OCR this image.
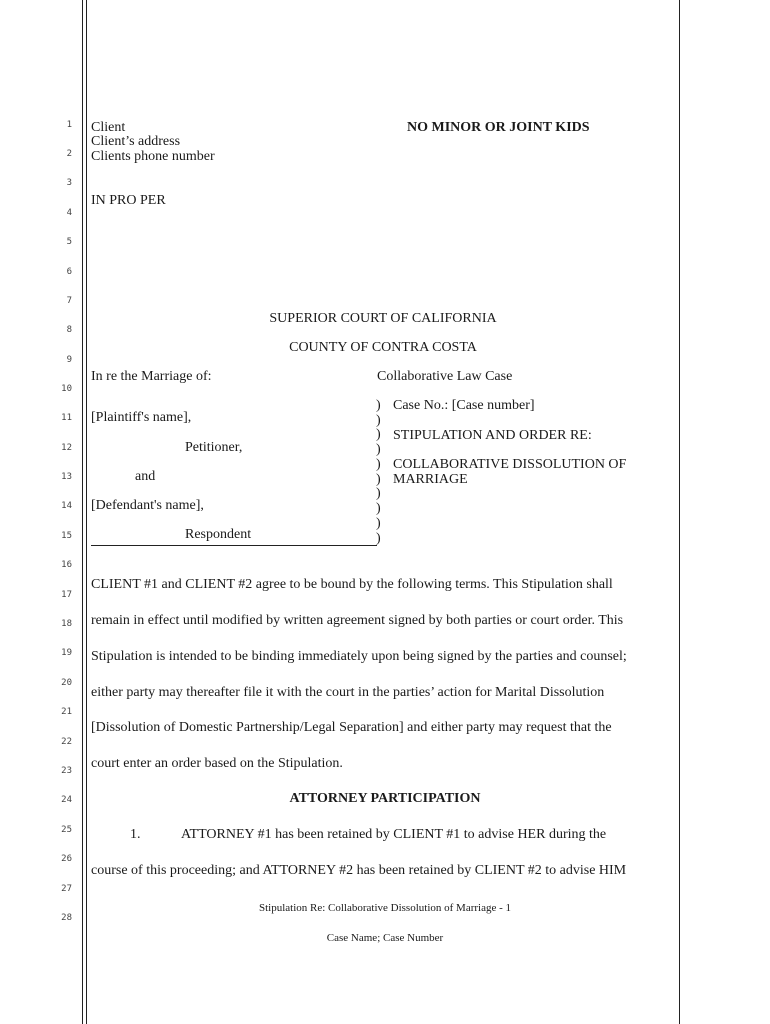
1
2
3
4
5
6
7
8
9
10
11
12
13
14
15
16
17
18
19
20
21
22
23
24
25
26
27
28
Client
Client’s address
Clients phone number
NO MINOR OR JOINT KIDS
IN PRO PER
SUPERIOR COURT OF CALIFORNIA
COUNTY OF CONTRA COSTA
In re the Marriage of:	Collaborative Law Case
[Plaintiff's name],
Petitioner,
and
[Defendant's name],
Respondent
)
)
)
)
)
)
)
)
)
)
Case No.: [Case number]
STIPULATION AND ORDER RE:
COLLABORATIVE DISSOLUTION OF
MARRIAGE
CLIENT #1 and CLIENT #2 agree to be bound by the following terms. This Stipulation shall
remain in effect until modified by written agreement signed by both parties or court order. This
Stipulation is intended to be binding immediately upon being signed by the parties and counsel;
either party may thereafter file it with the court in the parties’ action for Marital Dissolution
[Dissolution of Domestic Partnership/Legal Separation] and either party may request that the
court enter an order based on the Stipulation.
ATTORNEY PARTICIPATION
1.	ATTORNEY #1 has been retained by CLIENT #1 to advise HER during the
course of this proceeding; and ATTORNEY #2 has been retained by CLIENT #2 to advise HIM
Stipulation Re: Collaborative Dissolution of Marriage - 1
Case Name; Case Number
